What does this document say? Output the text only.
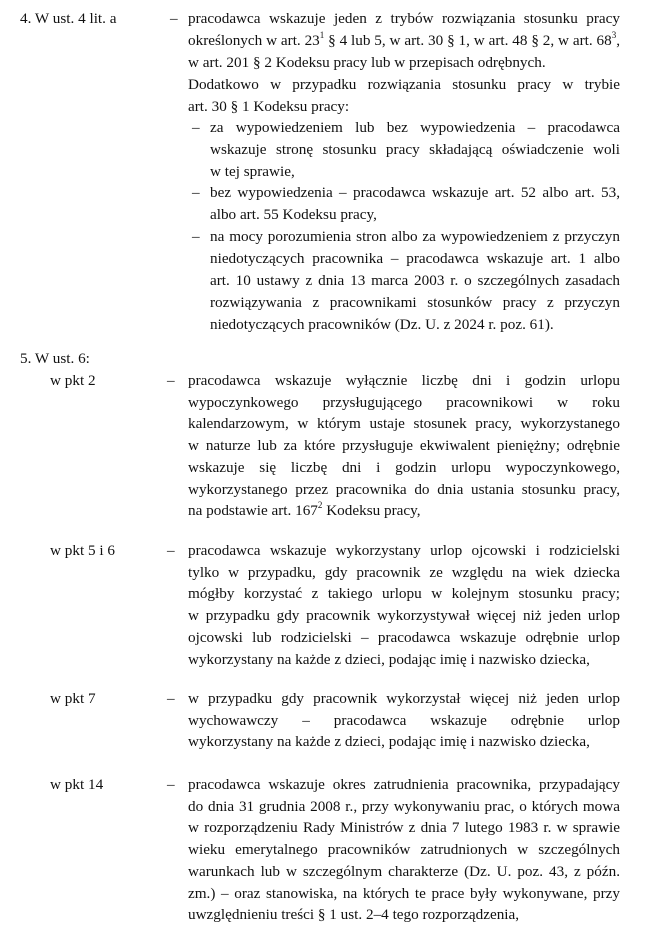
4. W ust. 4 lit. a	– pracodawca wskazuje jeden z trybów rozwiązania stosunku pracy
określonych w art. $23^1$ § 4 lub 5, w art. 30 § 1, w art. 48 § 2, w art. $68^3$,
w art. 201 § 2 Kodeksu pracy lub w przepisach odrębnych.
Dodatkowo w przypadku rozwiązania stosunku pracy w trybie
art. 30 § 1 Kodeksu pracy:
– za wypowiedzeniem lub bez wypowiedzenia – pracodawca
wskazuje stronę stosunku pracy składającą oświadczenie woli
w tej sprawie,
– bez wypowiedzenia – pracodawca wskazuje art. 52 albo art. 53,
albo art. 55 Kodeksu pracy,
– na mocy porozumienia stron albo za wypowiedzeniem z przyczyn
niedotyczących pracownika – pracodawca wskazuje art. 1 albo
art. 10 ustawy z dnia 13 marca 2003 r. o szczególnych zasadach
rozwiązywania z pracownikami stosunków pracy z przyczyn
niedotyczących pracowników (Dz. U. z 2024 r. poz. 61).
5. W ust. 6:
w pkt 2	– pracodawca wskazuje wyłącznie liczbę dni i godzin urlopu
wypoczynkowego przysługującego pracownikowi w roku
kalendarzowym, w którym ustaje stosunek pracy, wykorzystanego
w naturze lub za które przysługuje ekwiwalent pieniężny; odrębnie
wskazuje się liczbę dni i godzin urlopu wypoczynkowego,
wykorzystanego przez pracownika do dnia ustania stosunku pracy,
na podstawie art. $167^2$ Kodeksu pracy,
w pkt 5 i 6	– pracodawca wskazuje wykorzystany urlop ojcowski i rodzicielski
tylko w przypadku, gdy pracownik ze względu na wiek dziecka
mógłby korzystać z takiego urlopu w kolejnym stosunku pracy;
w przypadku gdy pracownik wykorzystywał więcej niż jeden urlop
ojcowski lub rodzicielski – pracodawca wskazuje odrębnie urlop
wykorzystany na każde z dzieci, podając imię i nazwisko dziecka,
w pkt 7	– w przypadku gdy pracownik wykorzystał więcej niż jeden urlop
wychowawczy – pracodawca wskazuje odrębnie urlop
wykorzystany na każde z dzieci, podając imię i nazwisko dziecka,
w pkt 14	– pracodawca wskazuje okres zatrudnienia pracownika, przypadający
do dnia 31 grudnia 2008 r., przy wykonywaniu prac, o których mowa
w rozporządzeniu Rady Ministrów z dnia 7 lutego 1983 r. w sprawie
wieku emerytalnego pracowników zatrudnionych w szczególnych
warunkach lub w szczególnym charakterze (Dz. U. poz. 43, z późn.
zm.) – oraz stanowiska, na których te prace były wykonywane, przy
uwzględnieniu treści § 1 ust. 2–4 tego rozporządzenia,
